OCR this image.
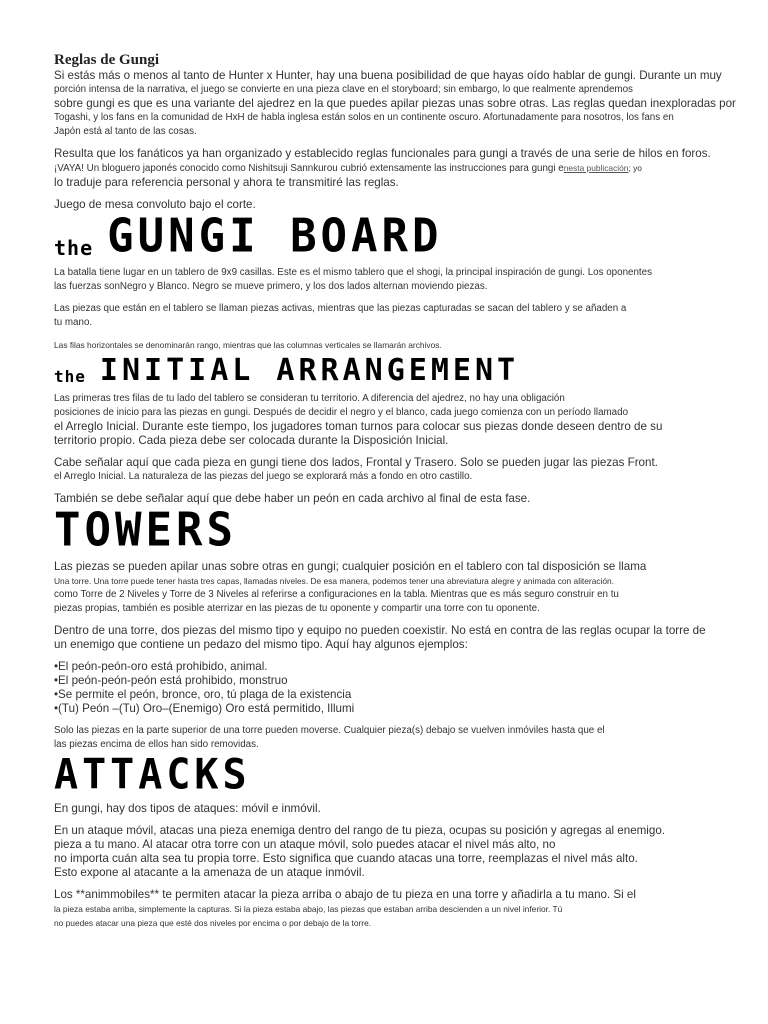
Reglas de Gungi

Si estás más o menos al tanto de Hunter x Hunter, hay una buena posibilidad de que hayas oído hablar de gungi. Durante un muy

porción intensa de la narrativa, el juego se convierte en una pieza clave en el storyboard; sin embargo, lo que realmente aprendemos

sobre gungi es que es una variante del ajedrez en la que puedes apilar piezas unas sobre otras. Las reglas quedan inexploradas por

Togashi, y los fans en la comunidad de HxH de habla inglesa están solos en un continente oscuro. Afortunadamente para nosotros, los fans en

Japón está al tanto de las cosas.

Resulta que los fanáticos ya han organizado y establecido reglas funcionales para gungi a través de una serie de hilos en foros.

¡VAYA! Un bloguero japonés conocido como Nishitsuji Sannkurou cubrió extensamente las instrucciones para gungi enesta publicación; yo

lo traduje para referencia personal y ahora te transmitiré las reglas.

Juego de mesa convoluto bajo el corte.

the GUNGI BOARD

La batalla tiene lugar en un tablero de 9x9 casillas. Este es el mismo tablero que el shogi, la principal inspiración de gungi. Los oponentes

las fuerzas sonNegro y Blanco. Negro se mueve primero, y los dos lados alternan moviendo piezas.

Las piezas que están en el tablero se llaman piezas activas, mientras que las piezas capturadas se sacan del tablero y se añaden a

tu mano.

Las filas horizontales se denominarán rango, mientras que las columnas verticales se llamarán archivos.

the INITIAL ARRANGEMENT

Las primeras tres filas de tu lado del tablero se consideran tu territorio. A diferencia del ajedrez, no hay una obligación

posiciones de inicio para las piezas en gungi. Después de decidir el negro y el blanco, cada juego comienza con un período llamado

el Arreglo Inicial. Durante este tiempo, los jugadores toman turnos para colocar sus piezas donde deseen dentro de su

territorio propio. Cada pieza debe ser colocada durante la Disposición Inicial.

Cabe señalar aquí que cada pieza en gungi tiene dos lados, Frontal y Trasero. Solo se pueden jugar las piezas Front.

el Arreglo Inicial. La naturaleza de las piezas del juego se explorará más a fondo en otro castillo.

También se debe señalar aquí que debe haber un peón en cada archivo al final de esta fase.

TOWERS

Las piezas se pueden apilar unas sobre otras en gungi; cualquier posición en el tablero con tal disposición se llama

Una torre. Una torre puede tener hasta tres capas, llamadas niveles. De esa manera, podemos tener una abreviatura alegre y animada con aliteración.

como Torre de 2 Niveles y Torre de 3 Niveles al referirse a configuraciones en la tabla. Mientras que es más seguro construir en tu

piezas propias, también es posible aterrizar en las piezas de tu oponente y compartir una torre con tu oponente.

Dentro de una torre, dos piezas del mismo tipo y equipo no pueden coexistir. No está en contra de las reglas ocupar la torre de

un enemigo que contiene un pedazo del mismo tipo. Aquí hay algunos ejemplos:

•El peón-peón-oro está prohibido, animal.

•El peón-peón-peón está prohibido, monstruo

•Se permite el peón, bronce, oro, tú plaga de la existencia

•(Tu) Peón –(Tu) Oro–(Enemigo) Oro está permitido, Illumi

Solo las piezas en la parte superior de una torre pueden moverse. Cualquier pieza(s) debajo se vuelven inmóviles hasta que el

las piezas encima de ellos han sido removidas.

ATTACKS

En gungi, hay dos tipos de ataques: móvil e inmóvil.

En un ataque móvil, atacas una pieza enemiga dentro del rango de tu pieza, ocupas su posición y agregas al enemigo.

pieza a tu mano. Al atacar otra torre con un ataque móvil, solo puedes atacar el nivel más alto, no

no importa cuán alta sea tu propia torre. Esto significa que cuando atacas una torre, reemplazas el nivel más alto.

Esto expone al atacante a la amenaza de un ataque inmóvil.

Los **animmobiles** te permiten atacar la pieza arriba o abajo de tu pieza en una torre y añadirla a tu mano. Si el

la pieza estaba arriba, simplemente la capturas. Si la pieza estaba abajo, las piezas que estaban arriba descienden a un nivel inferior. Tú

no puedes atacar una pieza que esté dos niveles por encima o por debajo de la torre.
